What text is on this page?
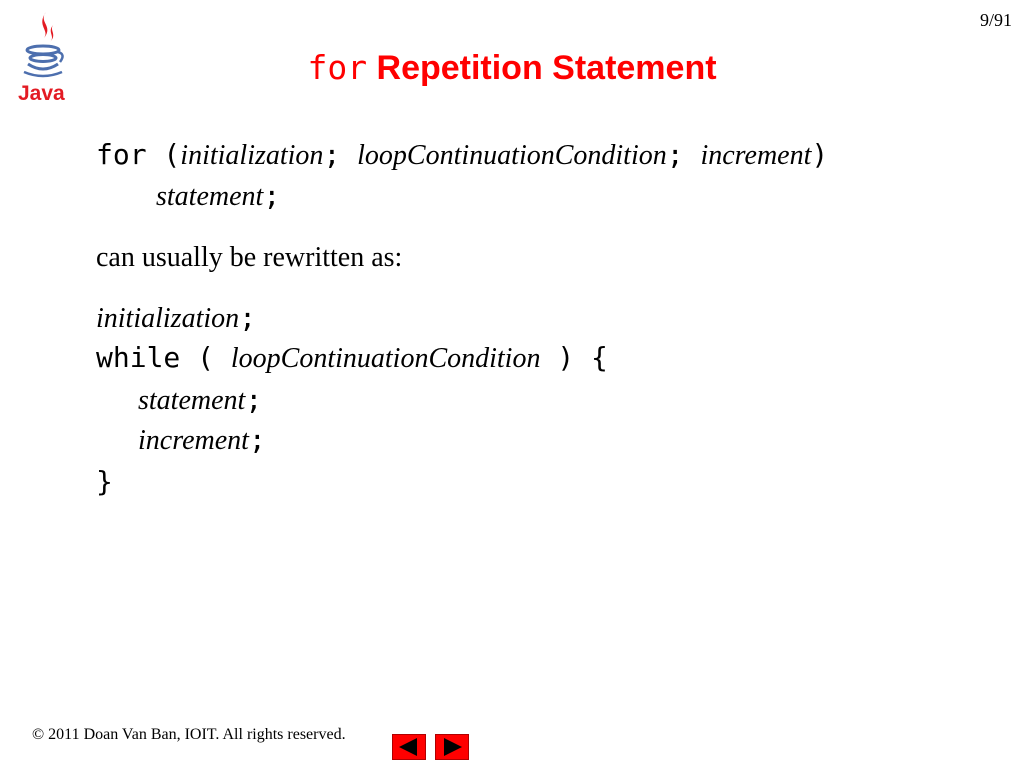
9/91
Java
for Repetition Statement
for (initialization; loopContinuationCondition; increment)
statement;
can usually be rewritten as:
initialization;
while ( loopContinuationCondition ) {
statement;
increment;
}
© 2011 Doan Van Ban, IOIT. All rights reserved.
